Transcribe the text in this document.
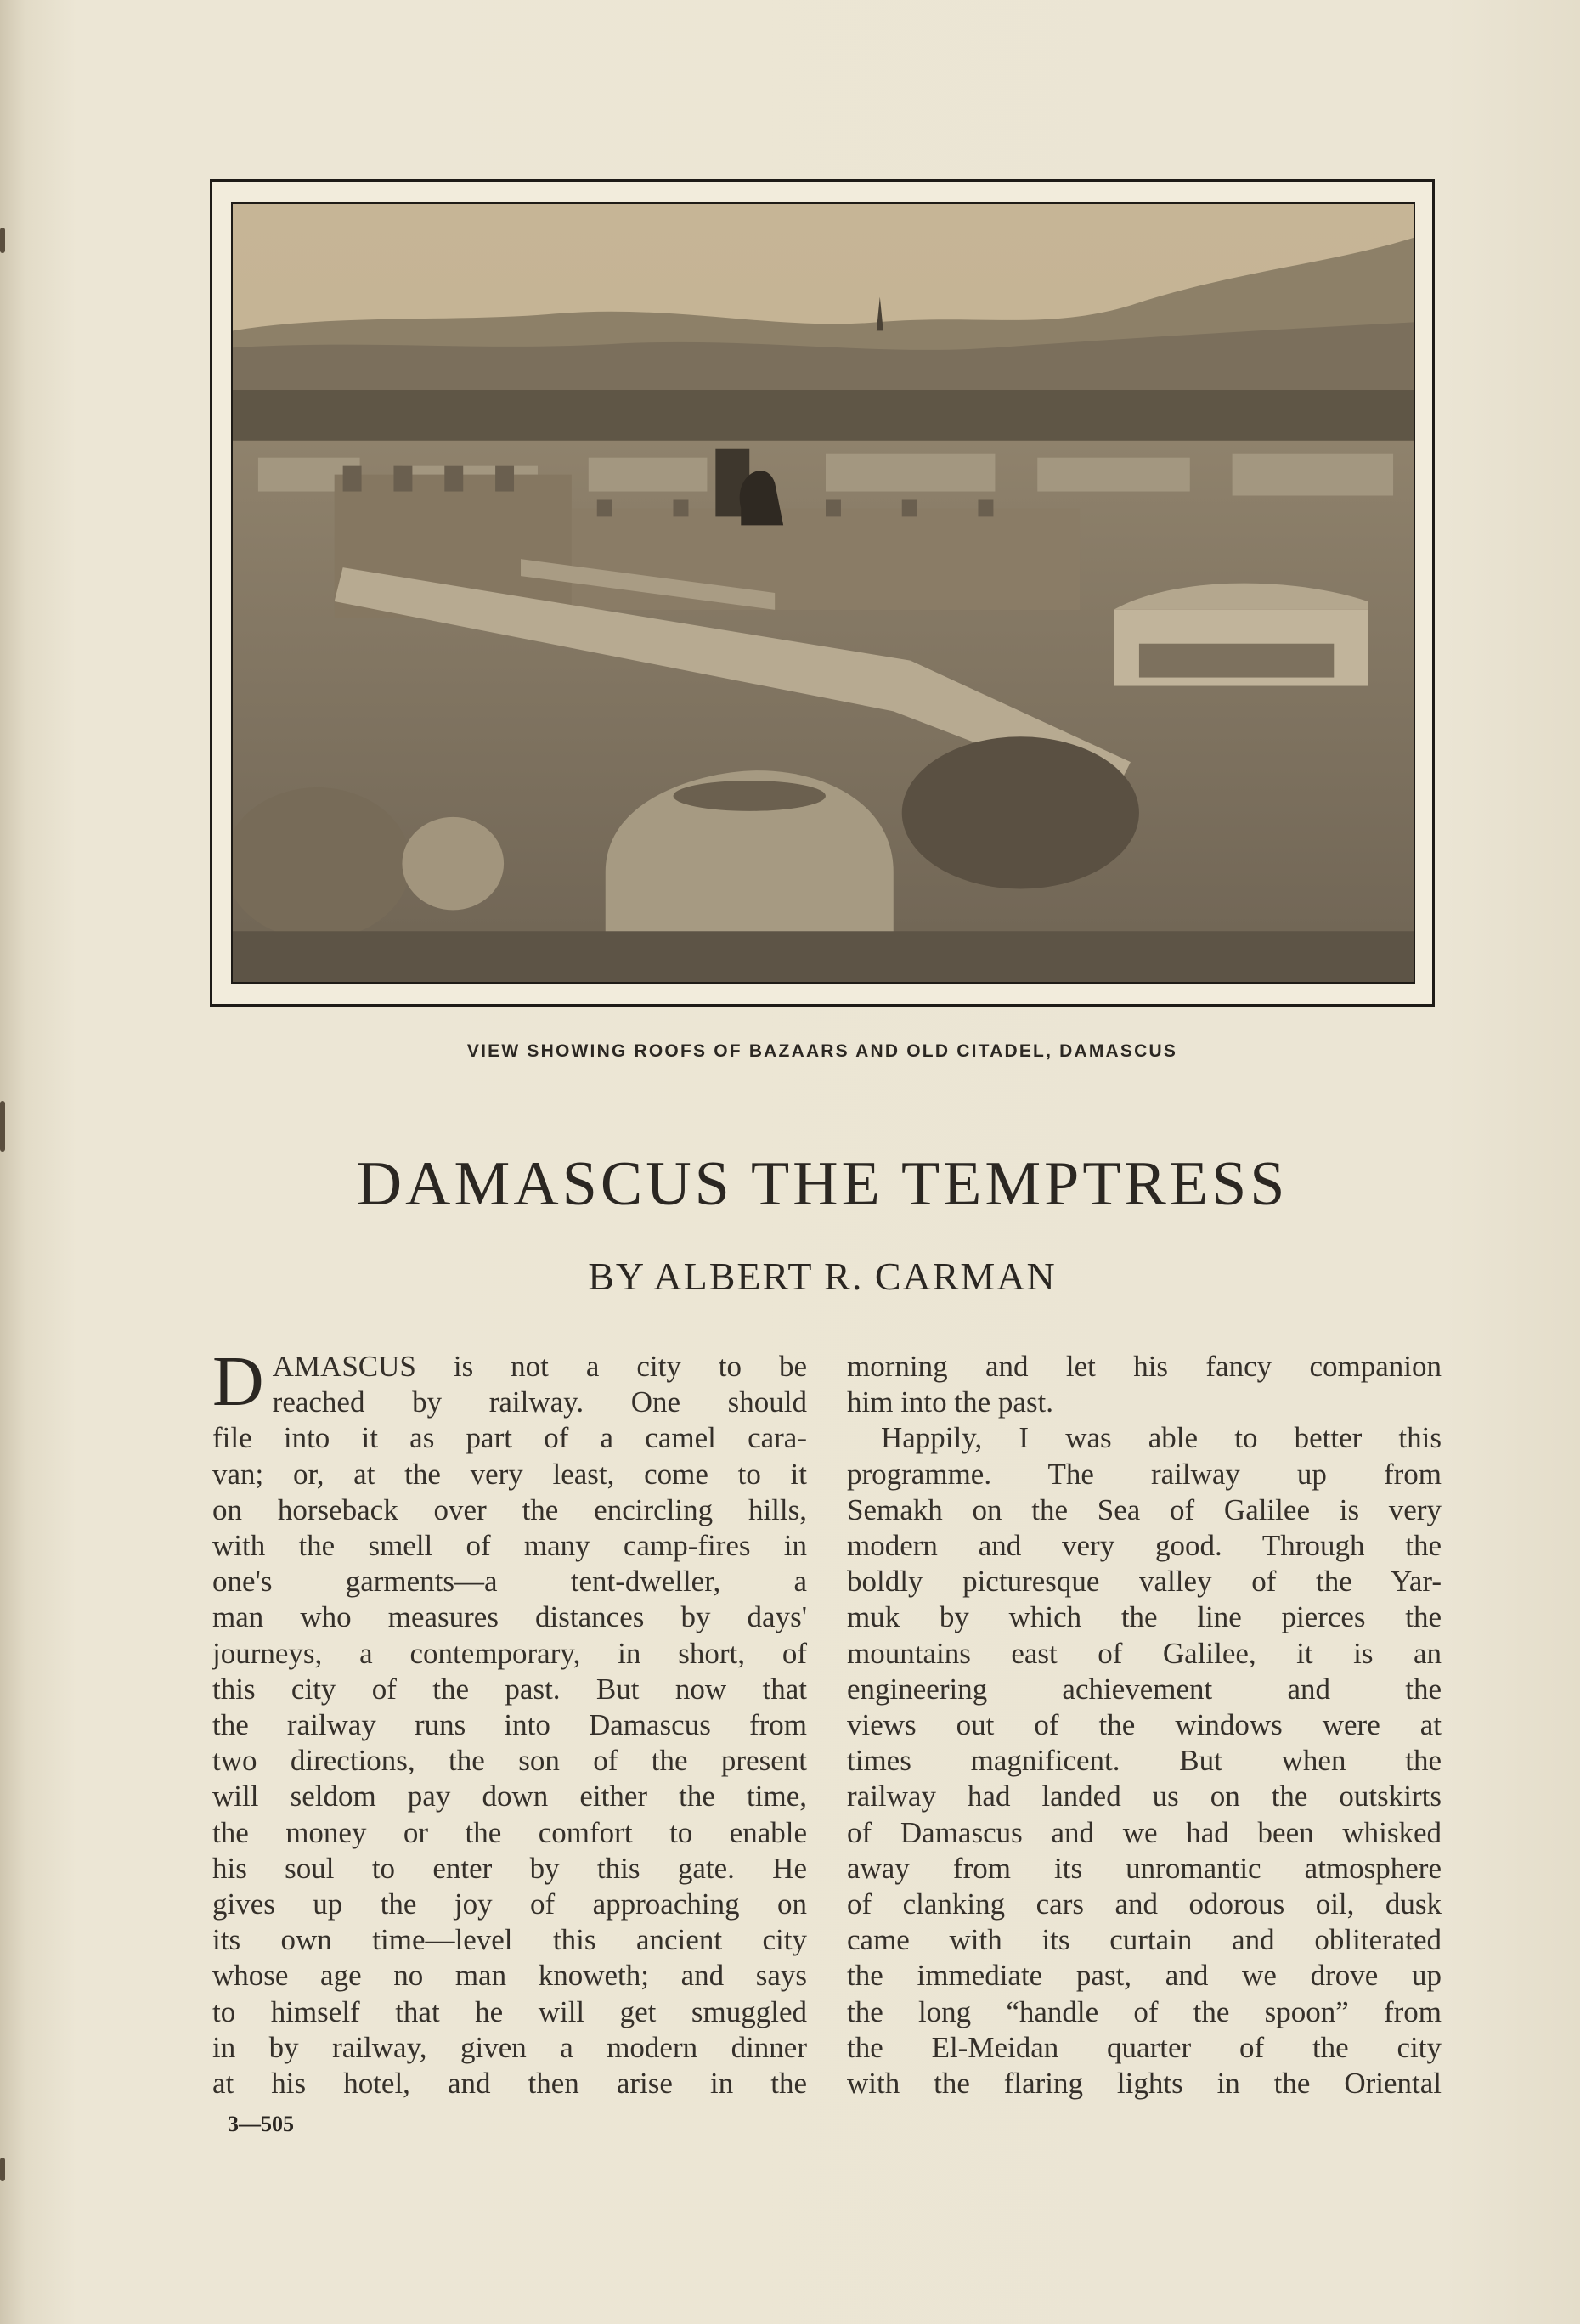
VIEW SHOWING ROOFS OF BAZAARS AND OLD CITADEL, DAMASCUS
DAMASCUS THE TEMPTRESS
BY ALBERT R. CARMAN
D AMASCUS is not a city to be
reached by railway. One should
file into it as part of a camel cara-
van; or, at the very least, come to it
on horseback over the encircling hills,
with the smell of many camp-fires in
one's garments—a tent-dweller, a
man who measures distances by days'
journeys, a contemporary, in short, of
this city of the past. But now that
the railway runs into Damascus from
two directions, the son of the present
will seldom pay down either the time,
the money or the comfort to enable
his soul to enter by this gate. He
gives up the joy of approaching on
its own time—level this ancient city
whose age no man knoweth; and says
to himself that he will get smuggled
in by railway, given a modern dinner
at his hotel, and then arise in the
morning and let his fancy companion
him into the past.
Happily, I was able to better this
programme. The railway up from
Semakh on the Sea of Galilee is very
modern and very good. Through the
boldly picturesque valley of the Yar-
muk by which the line pierces the
mountains east of Galilee, it is an
engineering achievement and the
views out of the windows were at
times magnificent. But when the
railway had landed us on the outskirts
of Damascus and we had been whisked
away from its unromantic atmosphere
of clanking cars and odorous oil, dusk
came with its curtain and obliterated
the immediate past, and we drove up
the long “handle of the spoon” from
the El-Meidan quarter of the city
with the flaring lights in the Oriental
3—505
